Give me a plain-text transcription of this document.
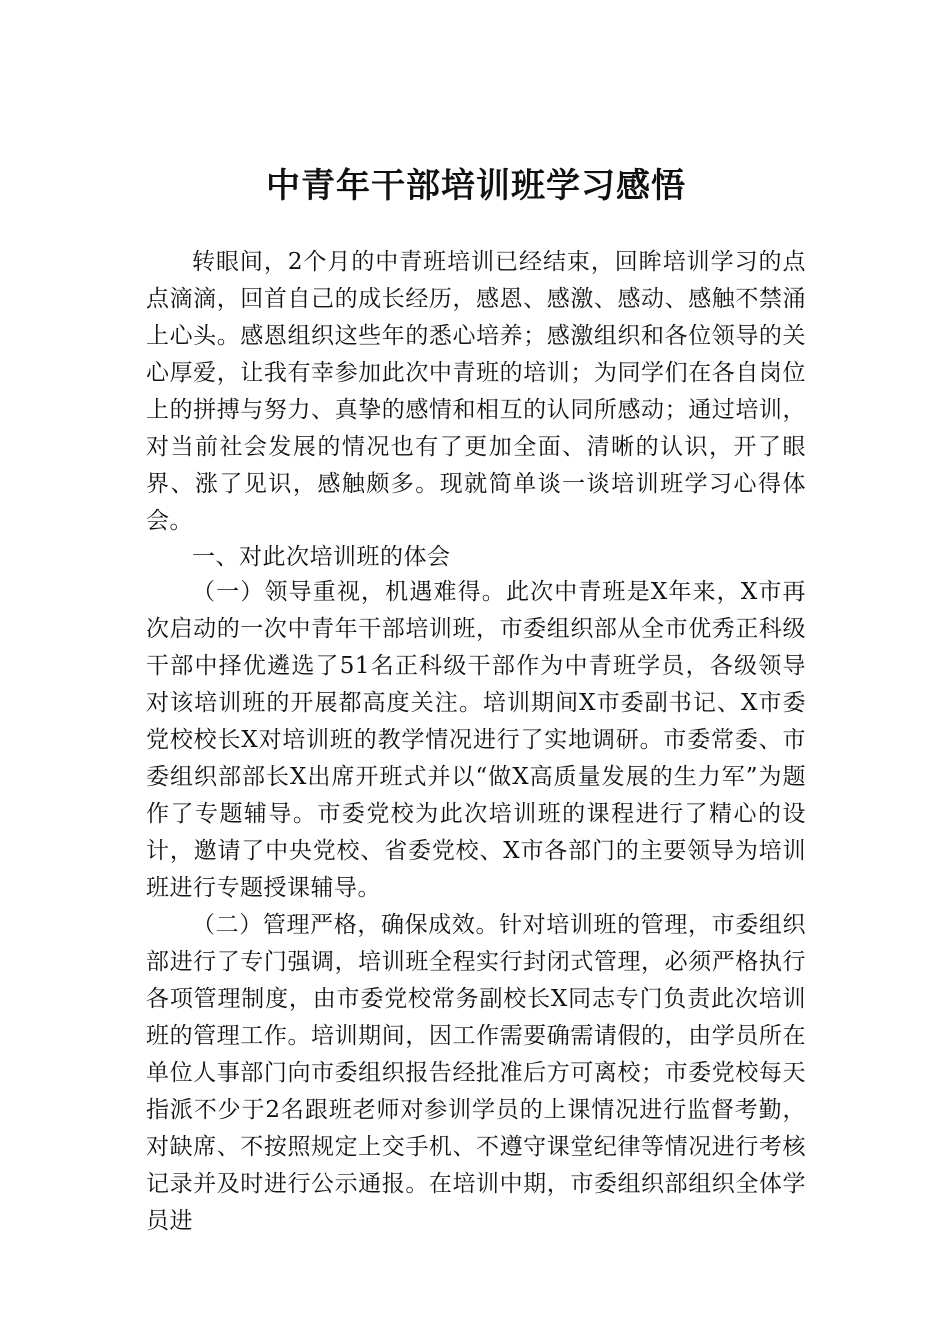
中青年干部培训班学习感悟

转眼间，2个月的中青班培训已经结束，回眸培训学习的点点滴滴，回首自己的成长经历，感恩、感激、感动、感触不禁涌上心头。感恩组织这些年的悉心培养；感激组织和各位领导的关心厚爱，让我有幸参加此次中青班的培训；为同学们在各自岗位上的拼搏与努力、真挚的感情和相互的认同所感动；通过培训，对当前社会发展的情况也有了更加全面、清晰的认识，开了眼界、涨了见识，感触颇多。现就简单谈一谈培训班学习心得体会。

一、对此次培训班的体会

（一）领导重视，机遇难得。此次中青班是X年来，X市再次启动的一次中青年干部培训班，市委组织部从全市优秀正科级干部中择优遴选了51名正科级干部作为中青班学员，各级领导对该培训班的开展都高度关注。培训期间X市委副书记、X市委党校校长X对培训班的教学情况进行了实地调研。市委常委、市委组织部部长X出席开班式并以“做X高质量发展的生力军”为题作了专题辅导。市委党校为此次培训班的课程进行了精心的设计，邀请了中央党校、省委党校、X市各部门的主要领导为培训班进行专题授课辅导。

（二）管理严格，确保成效。针对培训班的管理，市委组织部进行了专门强调，培训班全程实行封闭式管理，必须严格执行各项管理制度，由市委党校常务副校长X同志专门负责此次培训班的管理工作。培训期间，因工作需要确需请假的，由学员所在单位人事部门向市委组织报告经批准后方可离校；市委党校每天指派不少于2名跟班老师对参训学员的上课情况进行监督考勤，对缺席、不按照规定上交手机、不遵守课堂纪律等情况进行考核记录并及时进行公示通报。在培训中期，市委组织部组织全体学员进
